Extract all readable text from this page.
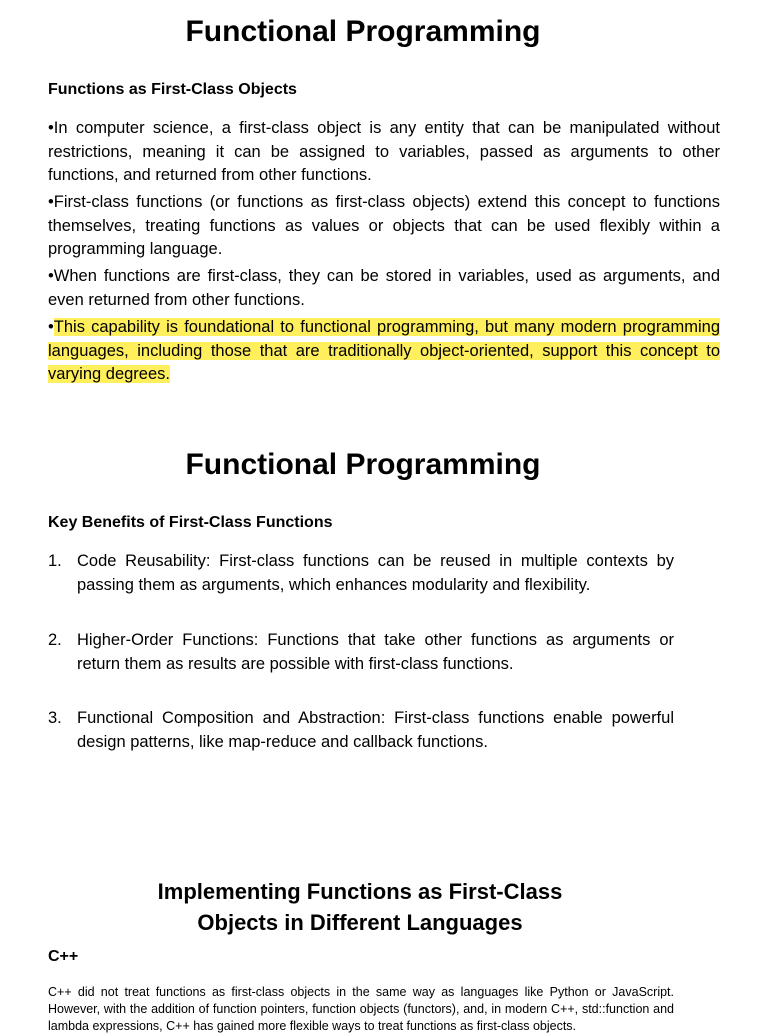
Functional Programming
Functions as First-Class Objects

•In computer science, a first-class object is any entity that can be manipulated without restrictions, meaning it can be assigned to variables, passed as arguments to other functions, and returned from other functions.

•First-class functions (or functions as first-class objects) extend this concept to functions themselves, treating functions as values or objects that can be used flexibly within a programming language.

•When functions are first-class, they can be stored in variables, used as arguments, and even returned from other functions.

•This capability is foundational to functional programming, but many modern programming languages, including those that are traditionally object-oriented, support this concept to varying degrees.

Functional Programming
Key Benefits of First-Class Functions
1. Code Reusability: First-class functions can be reused in multiple contexts by passing them as arguments, which enhances modularity and flexibility.
2. Higher-Order Functions: Functions that take other functions as arguments or return them as results are possible with first-class functions.
3. Functional Composition and Abstraction: First-class functions enable powerful design patterns, like map-reduce and callback functions.
Implementing Functions as First-Class
Objects in Different Languages
C++

C++ did not treat functions as first-class objects in the same way as languages like Python or JavaScript. However, with the addition of function pointers, function objects (functors), and, in modern C++, std::function and lambda expressions, C++ has gained more flexible ways to treat functions as first-class objects.
